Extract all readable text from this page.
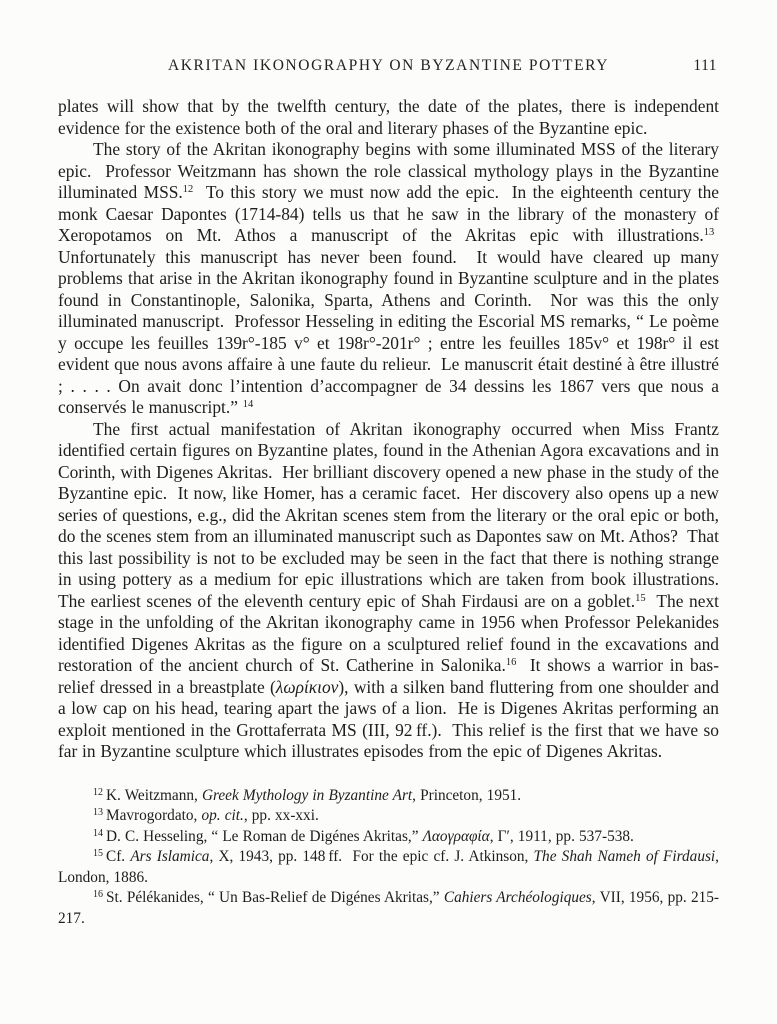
AKRITAN IKONOGRAPHY ON BYZANTINE POTTERY	111

plates will show that by the twelfth century, the date of the plates, there is independent evidence for the existence both of the oral and literary phases of the Byzantine epic.

The story of the Akritan ikonography begins with some illuminated MSS of the literary epic.  Professor Weitzmann has shown the role classical mythology plays in the Byzantine illuminated MSS.$^{12}$  To this story we must now add the epic.  In the eighteenth century the monk Caesar Dapontes (1714-84) tells us that he saw in the library of the monastery of Xeropotamos on Mt. Athos a manuscript of the Akritas epic with illustrations.$^{13}$  Unfortunately this manuscript has never been found.  It would have cleared up many problems that arise in the Akritan ikonography found in Byzantine sculpture and in the plates found in Constantinople, Salonika, Sparta, Athens and Corinth.  Nor was this the only illuminated manuscript.  Professor Hesseling in editing the Escorial MS remarks, “ Le poème y occupe les feuilles 139r°-185 v° et 198r°-201r° ; entre les feuilles 185v° et 198r° il est evident que nous avons affaire à une faute du relieur.  Le manuscrit était destiné à être illustré ; . . . . On avait donc l’intention d’accompagner de 34 dessins les 1867 vers que nous a conservés le manuscript.” $^{14}$

The first actual manifestation of Akritan ikonography occurred when Miss Frantz identified certain figures on Byzantine plates, found in the Athenian Agora excavations and in Corinth, with Digenes Akritas.  Her brilliant discovery opened a new phase in the study of the Byzantine epic.  It now, like Homer, has a ceramic facet.  Her discovery also opens up a new series of questions, e.g., did the Akritan scenes stem from the literary or the oral epic or both, do the scenes stem from an illuminated manuscript such as Dapontes saw on Mt. Athos?  That this last possibility is not to be excluded may be seen in the fact that there is nothing strange in using pottery as a medium for epic illustrations which are taken from book illustrations. The earliest scenes of the eleventh century epic of Shah Firdausi are on a goblet.$^{15}$  The next stage in the unfolding of the Akritan ikonography came in 1956 when Professor Pelekanides identified Digenes Akritas as the figure on a sculptured relief found in the excavations and restoration of the ancient church of St. Catherine in Salonika.$^{16}$  It shows a warrior in bas-relief dressed in a breastplate (λωρίκιον), with a silken band fluttering from one shoulder and a low cap on his head, tearing apart the jaws of a lion.  He is Digenes Akritas performing an exploit mentioned in the Grottaferrata MS (III, 92 ff.).  This relief is the first that we have so far in Byzantine sculpture which illustrates episodes from the epic of Digenes Akritas.

$^{12}$ K. Weitzmann, Greek Mythology in Byzantine Art, Princeton, 1951.

$^{13}$ Mavrogordato, op. cit., pp. xx-xxi.

$^{14}$ D. C. Hesseling, “ Le Roman de Digénes Akritas,” Λαογραφία, Γ′, 1911, pp. 537-538.

$^{15}$ Cf. Ars Islamica, X, 1943, pp. 148 ff.  For the epic cf. J. Atkinson, The Shah Nameh of Firdausi, London, 1886.

$^{16}$ St. Pélékanides, “ Un Bas-Relief de Digénes Akritas,” Cahiers Archéologiques, VII, 1956, pp. 215-217.
